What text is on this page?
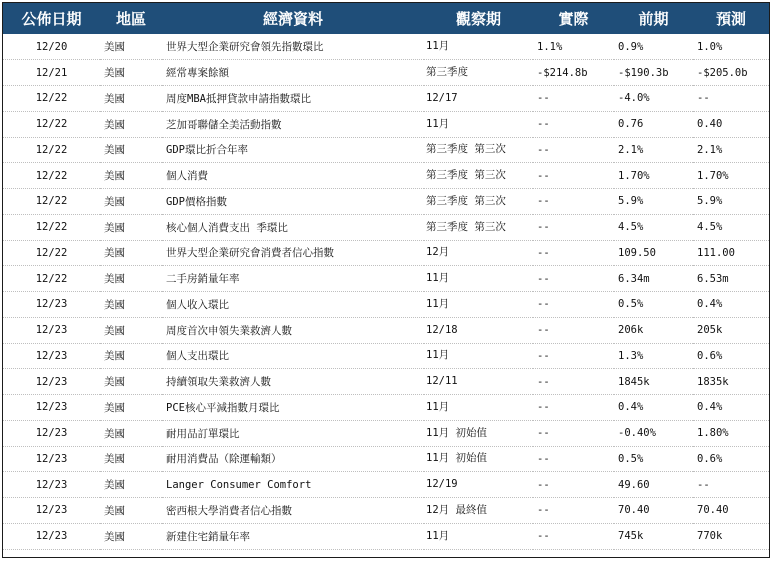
公佈日期	地區	經濟資料	觀察期	實際	前期	預測
12/20	美國	世界大型企業研究會領先指數環比	11月	1.1%	0.9%	1.0%
12/21	美國	經常專案餘額	第三季度	-$214.8b	-$190.3b	-$205.0b
12/22	美國	周度MBA抵押貸款申請指數環比	12/17	--	-4.0%	--
12/22	美國	芝加哥聯儲全美活動指數	11月	--	0.76	0.40
12/22	美國	GDP環比折合年率	第三季度 第三次	--	2.1%	2.1%
12/22	美國	個人消費	第三季度 第三次	--	1.70%	1.70%
12/22	美國	GDP價格指數	第三季度 第三次	--	5.9%	5.9%
12/22	美國	核心個人消費支出 季環比	第三季度 第三次	--	4.5%	4.5%
12/22	美國	世界大型企業研究會消費者信心指數	12月	--	109.50	111.00
12/22	美國	二手房銷量年率	11月	--	6.34m	6.53m
12/23	美國	個人收入環比	11月	--	0.5%	0.4%
12/23	美國	周度首次申領失業救濟人數	12/18	--	206k	205k
12/23	美國	個人支出環比	11月	--	1.3%	0.6%
12/23	美國	持續領取失業救濟人數	12/11	--	1845k	1835k
12/23	美國	PCE核心平減指數月環比	11月	--	0.4%	0.4%
12/23	美國	耐用品訂單環比	11月 初始值	--	-0.40%	1.80%
12/23	美國	耐用消費品（除運輸類）	11月 初始值	--	0.5%	0.6%
12/23	美國	Langer Consumer Comfort	12/19	--	49.60	--
12/23	美國	密西根大學消費者信心指數	12月 最終值	--	70.40	70.40
12/23	美國	新建住宅銷量年率	11月	--	745k	770k
